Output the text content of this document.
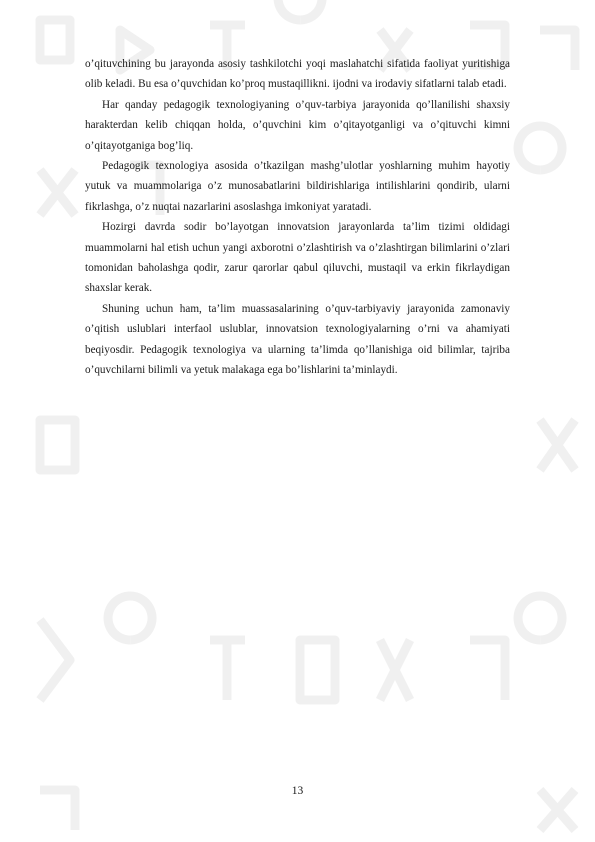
o’qituvchining bu jarayonda asosiy tashkilotchi yoqi maslahatchi sifatida faoliyat yuritishiga olib keladi. Bu esa o’quvchidan ko’proq mustaqillikni. ijodni va irodaviy sifatlarni talab etadi.

Har qanday pedagogik texnologiyaning o’quv-tarbiya jarayonida qo’llanilishi shaxsiy harakterdan kelib chiqqan holda, o’quvchini kim o’qitayotganligi va o’qituvchi kimni o’qitayotganiga bog’liq.

Pedagogik texnologiya asosida o’tkazilgan mashg’ulotlar yoshlarning muhim hayotiy yutuk va muammolariga o’z munosabatlarini bildirishlariga intilishlarini qondirib, ularni fikrlashga, o’z nuqtai nazarlarini asoslashga imkoniyat yaratadi.

Hozirgi davrda sodir bo’layotgan innovatsion jarayonlarda ta’lim tizimi oldidagi muammolarni hal etish uchun yangi axborotni o’zlashtirish va o’zlashtirgan bilimlarini o’zlari tomonidan baholashga qodir, zarur qarorlar qabul qiluvchi, mustaqil va erkin fikrlaydigan shaxslar kerak.

Shuning uchun ham, ta’lim muassasalarining o’quv-tarbiyaviy jarayonida zamonaviy o’qitish uslublari interfaol uslublar, innovatsion texnologiyalarning o’rni va ahamiyati beqiyosdir. Pedagogik texnologiya va ularning ta’limda qo’llanishiga oid bilimlar, tajriba o’quvchilarni bilimli va yetuk malakaga ega bo’lishlarini ta’minlaydi.

13
